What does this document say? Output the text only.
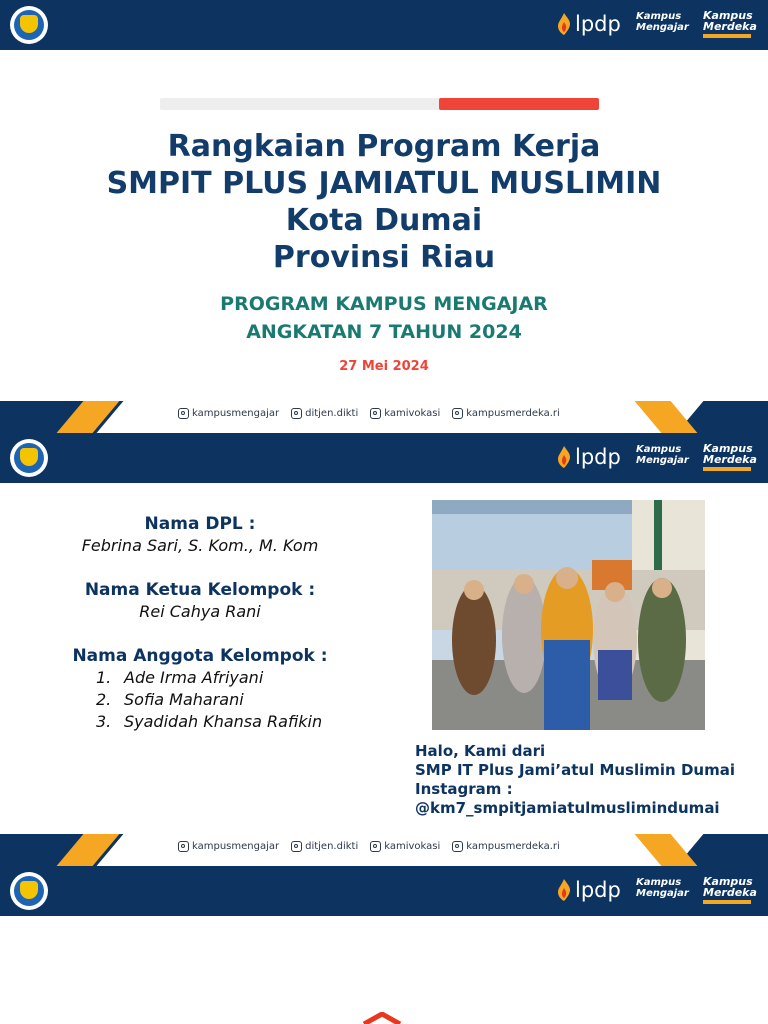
lpdp Kampus
Mengajar
Kampus
Merdeka
Rangkaian Program Kerja
SMPIT PLUS JAMIATUL MUSLIMIN
Kota Dumai
Provinsi Riau
PROGRAM KAMPUS MENGAJAR
ANGKATAN 7 TAHUN 2024
27 Mei 2024
kampusmengajar	ditjen.dikti	kamivokasi	kampusmerdeka.ri
lpdp Kampus
Mengajar
Kampus
Merdeka
kampusmengajar	ditjen.dikti	kamivokasi	kampusmerdeka.ri
Nama DPL :
Febrina Sari, S. Kom., M. Kom
Nama Ketua Kelompok :
Rei Cahya Rani
Nama Anggota Kelompok :
1. Ade Irma Afriyani
2. Sofia Maharani
3. Syadidah Khansa Rafikin
Halo, Kami dari
SMP IT Plus Jami’atul Muslimin Dumai
Instagram :
@km7_smpitjamiatulmuslimindumai
lpdp Kampus
Mengajar
Kampus
Merdeka
